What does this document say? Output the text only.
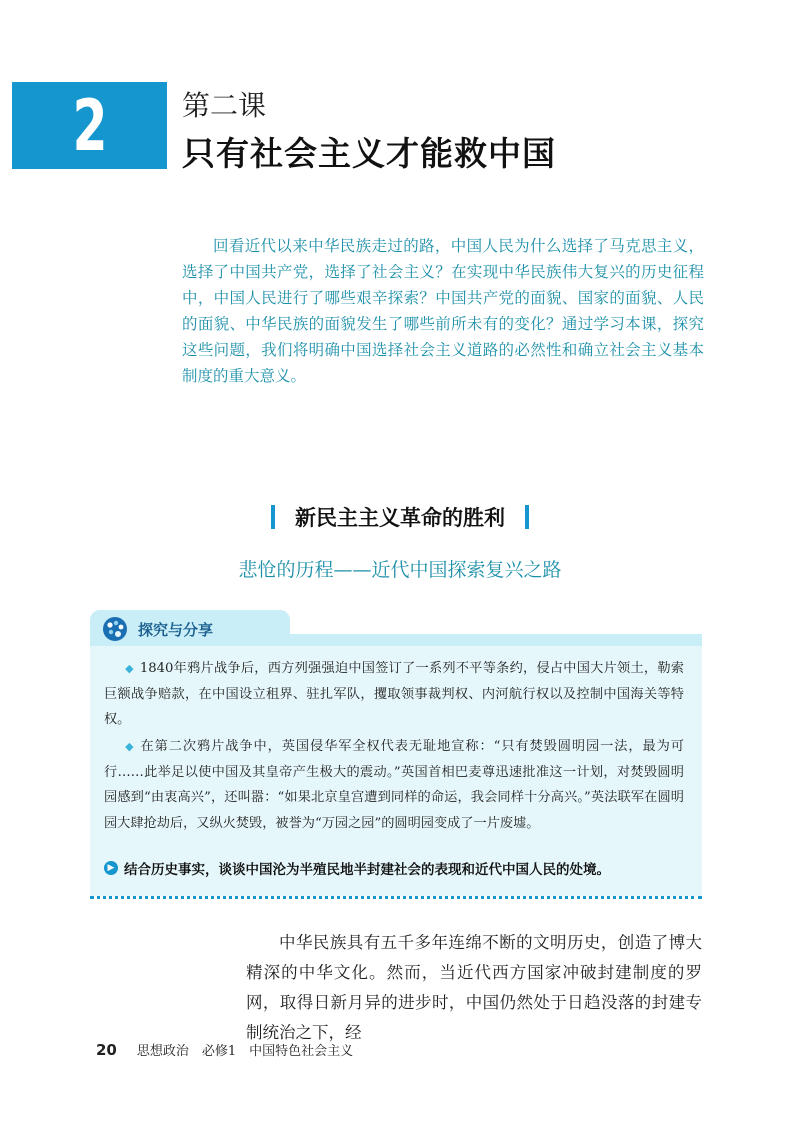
2	第二课
只有社会主义才能救中国
回看近代以来中华民族走过的路，中国人民为什么选择了马克思主义，选择了中国共产党，选择了社会主义？在实现中华民族伟大复兴的历史征程中，中国人民进行了哪些艰辛探索？中国共产党的面貌、国家的面貌、人民的面貌、中华民族的面貌发生了哪些前所未有的变化？通过学习本课，探究这些问题，我们将明确中国选择社会主义道路的必然性和确立社会主义基本制度的重大意义。
新民主主义革命的胜利
悲怆的历程——近代中国探索复兴之路
探究与分享
◆ 1840年鸦片战争后，西方列强强迫中国签订了一系列不平等条约，侵占中国大片领土，勒索巨额战争赔款，在中国设立租界、驻扎军队，攫取领事裁判权、内河航行权以及控制中国海关等特权。
◆ 在第二次鸦片战争中，英国侵华军全权代表无耻地宣称：“只有焚毁圆明园一法，最为可行……此举足以使中国及其皇帝产生极大的震动。”英国首相巴麦尊迅速批准这一计划，对焚毁圆明园感到“由衷高兴”，还叫嚣：“如果北京皇宫遭到同样的命运，我会同样十分高兴。”英法联军在圆明园大肆抢劫后，又纵火焚毁，被誉为“万园之园”的圆明园变成了一片废墟。
▶ 结合历史事实，谈谈中国沦为半殖民地半封建社会的表现和近代中国人民的处境。
中华民族具有五千多年连绵不断的文明历史，创造了博大精深的中华文化。然而，当近代西方国家冲破封建制度的罗网，取得日新月异的进步时，中国仍然处于日趋没落的封建专制统治之下，经
20 思想政治　必修1　中国特色社会主义
